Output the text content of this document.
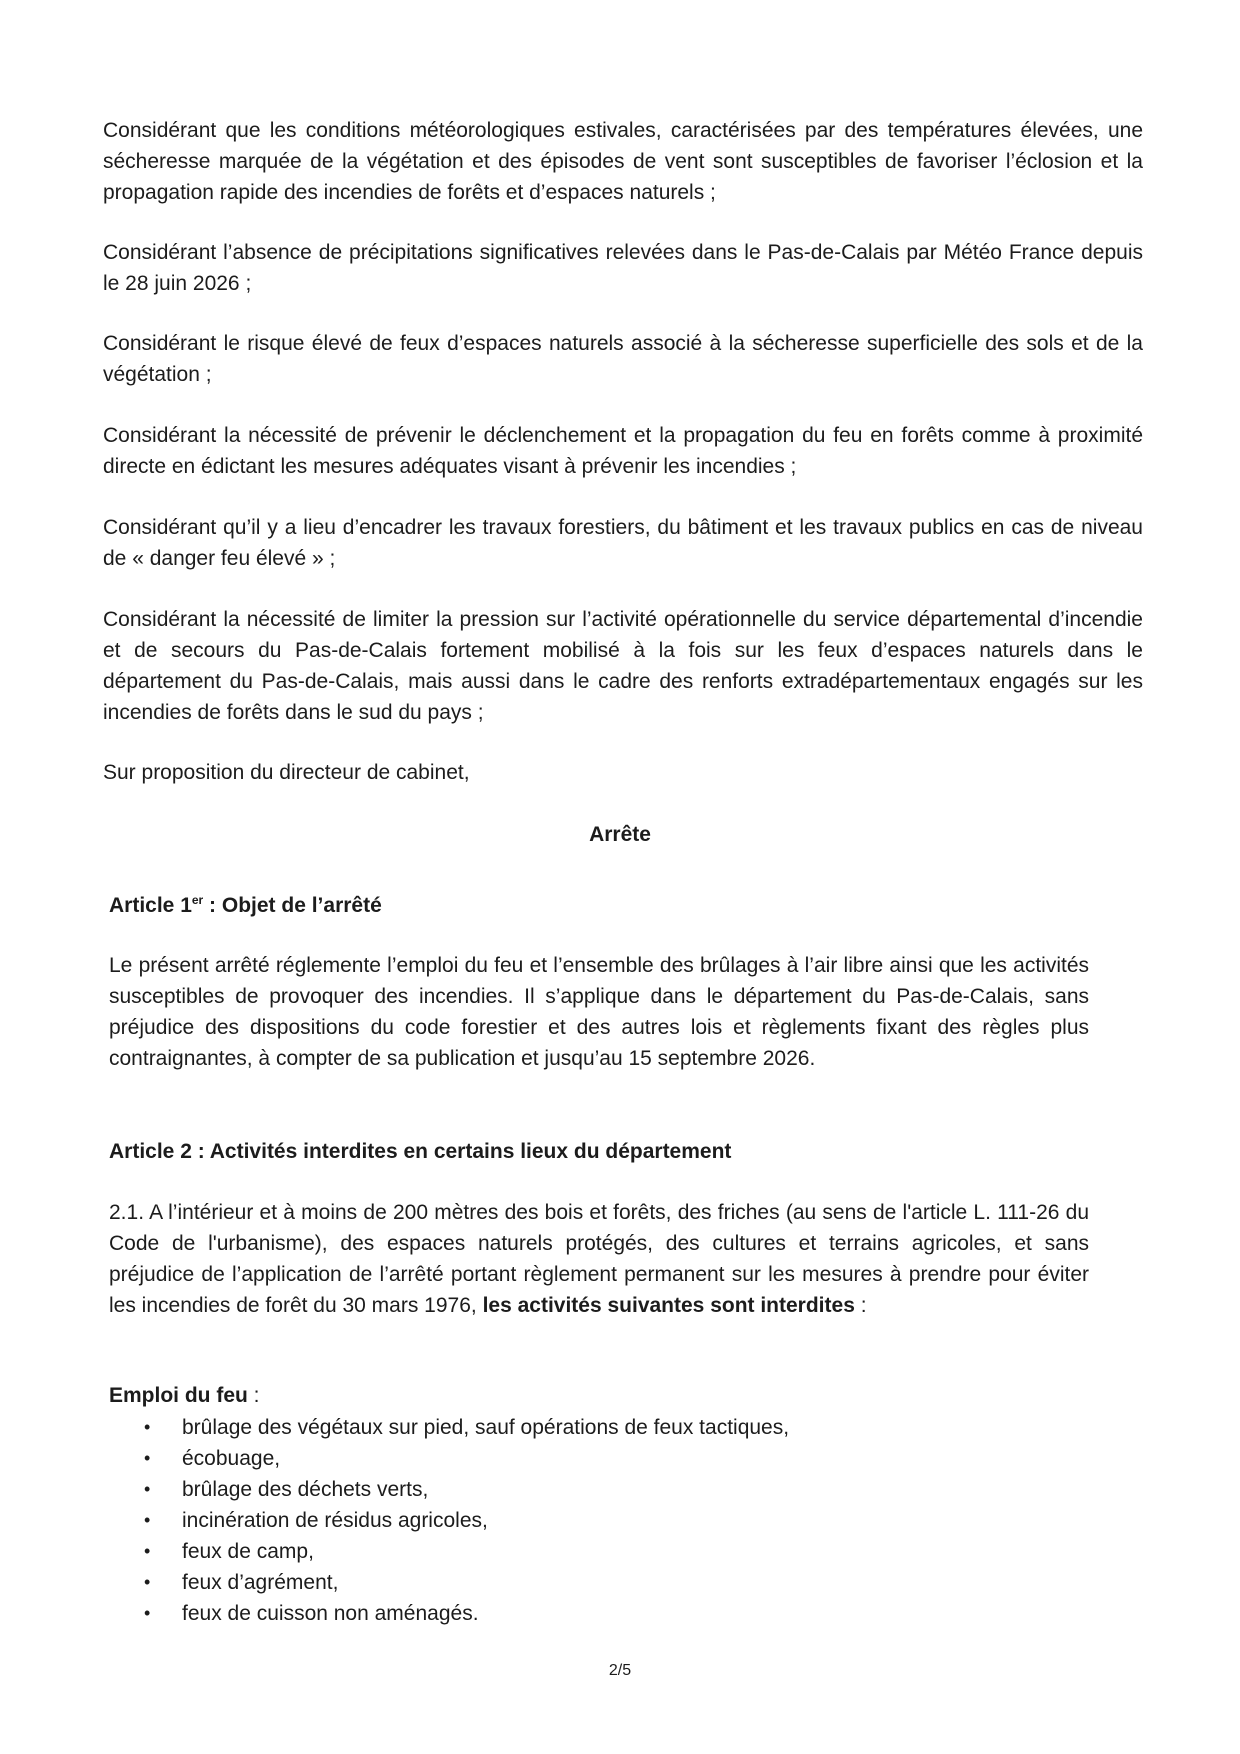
Considérant que les conditions météorologiques estivales, caractérisées par des températures élevées, une sécheresse marquée de la végétation et des épisodes de vent sont susceptibles de favoriser l’éclosion et la propagation rapide des incendies de forêts et d’espaces naturels ;

Considérant l’absence de précipitations significatives relevées dans le Pas-de-Calais par Météo France depuis le 28 juin 2026 ;

Considérant le risque élevé de feux d’espaces naturels associé à la sécheresse superficielle des sols et de la végétation ;

Considérant la nécessité de prévenir le déclenchement et la propagation du feu en forêts comme à proximité directe en édictant les mesures adéquates visant à prévenir les incendies ;

Considérant qu’il y a lieu d’encadrer les travaux forestiers, du bâtiment et les travaux publics en cas de niveau de « danger feu élevé » ;

Considérant la nécessité de limiter la pression sur l’activité opérationnelle du service départemental d’incendie et de secours du Pas-de-Calais fortement mobilisé à la fois sur les feux d’espaces naturels dans le département du Pas-de-Calais, mais aussi dans le cadre des renforts extradépartementaux engagés sur les incendies de forêts dans le sud du pays ;

Sur proposition du directeur de cabinet,

Arrête
Article 1er : Objet de l’arrêté

Le présent arrêté réglemente l’emploi du feu et l’ensemble des brûlages à l’air libre ainsi que les activités susceptibles de provoquer des incendies. Il s’applique dans le département du Pas-de-Calais, sans préjudice des dispositions du code forestier et des autres lois et règlements fixant des règles plus contraignantes, à compter de sa publication et jusqu’au 15 septembre 2026.

Article 2 : Activités interdites en certains lieux du département

2.1. A l’intérieur et à moins de 200 mètres des bois et forêts, des friches (au sens de l'article L. 111-26 du Code de l'urbanisme), des espaces naturels protégés, des cultures et terrains agricoles, et sans préjudice de l’application de l’arrêté portant règlement permanent sur les mesures à prendre pour éviter les incendies de forêt du 30 mars 1976, les activités suivantes sont interdites :

Emploi du feu :
• brûlage des végétaux sur pied, sauf opérations de feux tactiques,
• écobuage,
• brûlage des déchets verts,
• incinération de résidus agricoles,
• feux de camp,
• feux d’agrément,
• feux de cuisson non aménagés.
2/5
